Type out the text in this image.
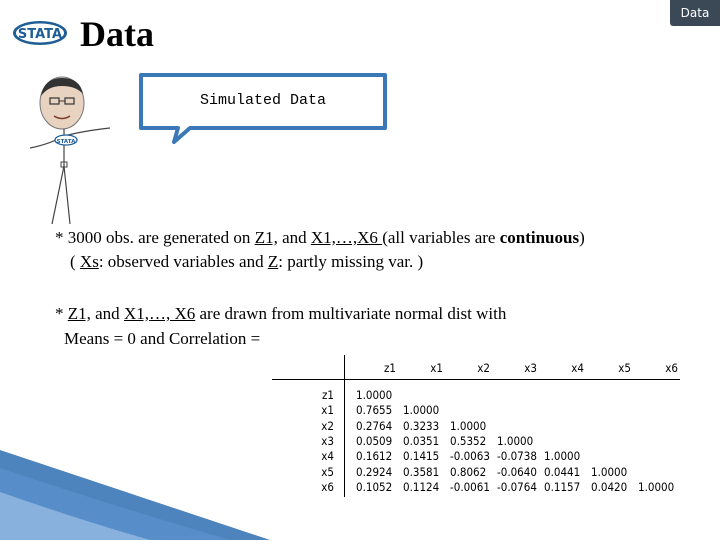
Data
STATA Data
Simulated Data
STATA
* 3000 obs. are generated on Z1, and X1,…,X6 (all variables are continuous)
( Xs: observed variables and Z: partly missing var. )
* Z1, and X1,…, X6 are drawn from multivariate normal dist with
Means = 0 and Correlation =
z1	x1	x2	x3	x4	x5	x6
z1 1.0000
x1 0.7655 1.0000
x2 0.2764 0.3233 1.0000
x3 0.0509 0.0351 0.5352 1.0000
x4 0.1612 0.1415 -0.0063 -0.0738 1.0000
x5 0.2924 0.3581 0.8062 -0.0640 0.0441 1.0000
x6 0.1052 0.1124 -0.0061 -0.0764 0.1157 0.0420 1.0000
